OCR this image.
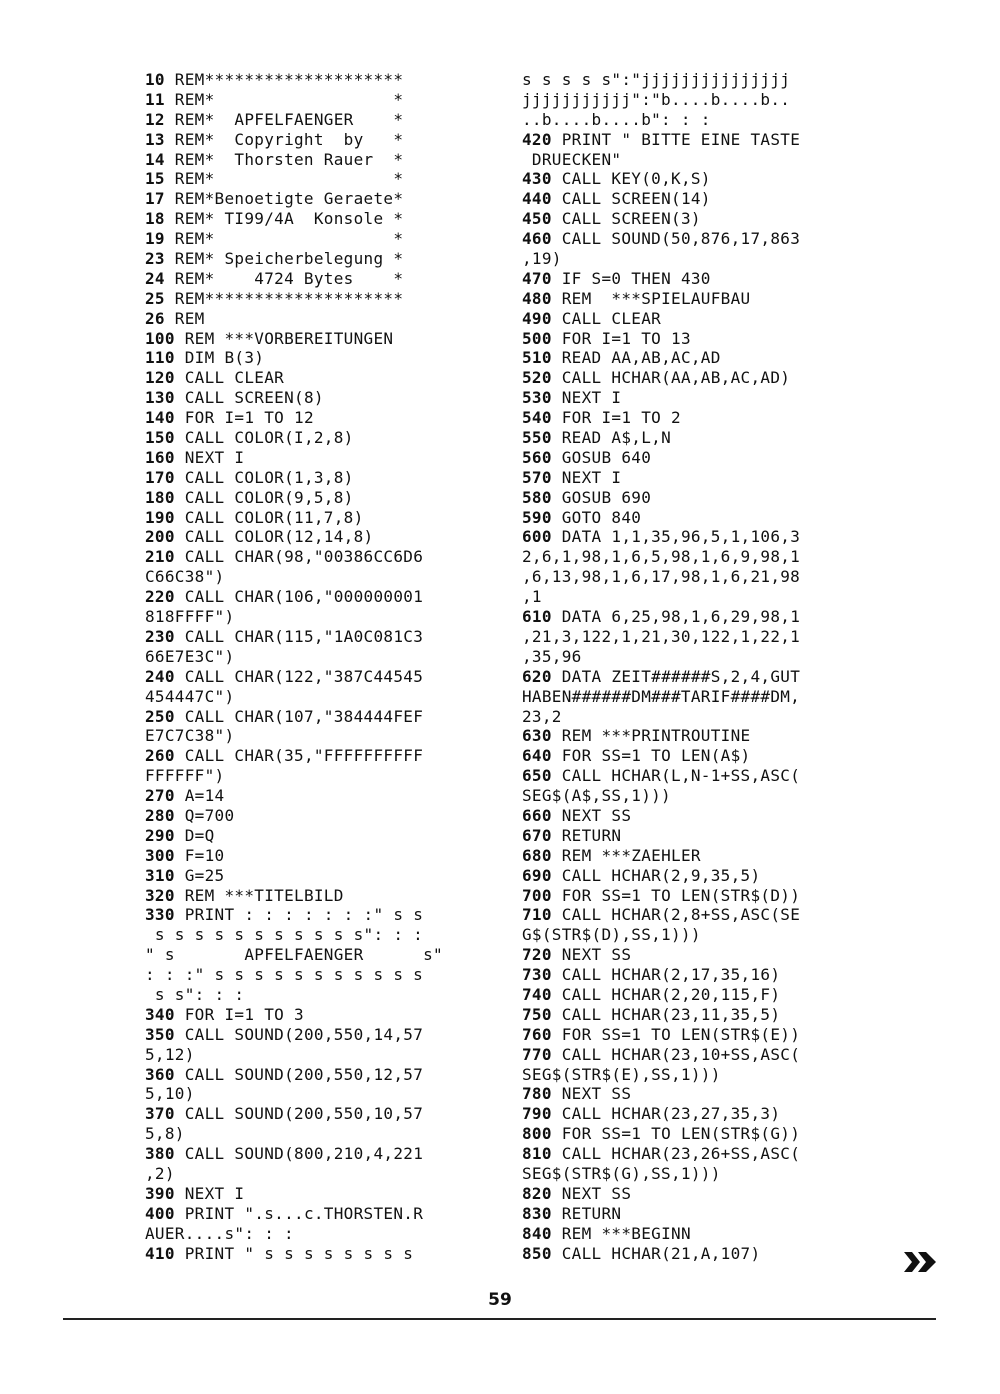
10 REM********************
11 REM*                  *
12 REM*  APFELFAENGER    *
13 REM*  Copyright  by   *
14 REM*  Thorsten Rauer  *
15 REM*                  *
17 REM*Benoetigte Geraete*
18 REM* TI99/4A  Konsole *
19 REM*                  *
23 REM* Speicherbelegung *
24 REM*    4724 Bytes    *
25 REM********************
26 REM
100 REM ***VORBEREITUNGEN
110 DIM B(3)
120 CALL CLEAR
130 CALL SCREEN(8)
140 FOR I=1 TO 12
150 CALL COLOR(I,2,8)
160 NEXT I
170 CALL COLOR(1,3,8)
180 CALL COLOR(9,5,8)
190 CALL COLOR(11,7,8)
200 CALL COLOR(12,14,8)
210 CALL CHAR(98,"00386CC6D6
C66C38")
220 CALL CHAR(106,"000000001
818FFFF")
230 CALL CHAR(115,"1A0C081C3
66E7E3C")
240 CALL CHAR(122,"387C44545
454447C")
250 CALL CHAR(107,"384444FEF
E7C7C38")
260 CALL CHAR(35,"FFFFFFFFFF
FFFFFF")
270 A=14
280 Q=700
290 D=Q
300 F=10
310 G=25
320 REM ***TITELBILD
330 PRINT : : : : : : :" s s
s s s s s s s s s s s": : :
" s       APFELFAENGER      s"
: : :" s s s s s s s s s s s
s s": : :
340 FOR I=1 TO 3
350 CALL SOUND(200,550,14,57
5,12)
360 CALL SOUND(200,550,12,57
5,10)
370 CALL SOUND(200,550,10,57
5,8)
380 CALL SOUND(800,210,4,221
,2)
390 NEXT I
400 PRINT ".s...c.THORSTEN.R
AUER....s": : :
410 PRINT " s s s s s s s s
s s s s s":"jjjjjjjjjjjjjjj
jjjjjjjjjjj":"b....b....b..
..b....b....b": : :
420 PRINT " BITTE EINE TASTE
DRUECKEN"
430 CALL KEY(0,K,S)
440 CALL SCREEN(14)
450 CALL SCREEN(3)
460 CALL SOUND(50,876,17,863
,19)
470 IF S=0 THEN 430
480 REM  ***SPIELAUFBAU
490 CALL CLEAR
500 FOR I=1 TO 13
510 READ AA,AB,AC,AD
520 CALL HCHAR(AA,AB,AC,AD)
530 NEXT I
540 FOR I=1 TO 2
550 READ A$,L,N
560 GOSUB 640
570 NEXT I
580 GOSUB 690
590 GOTO 840
600 DATA 1,1,35,96,5,1,106,3
2,6,1,98,1,6,5,98,1,6,9,98,1
,6,13,98,1,6,17,98,1,6,21,98
,1
610 DATA 6,25,98,1,6,29,98,1
,21,3,122,1,21,30,122,1,22,1
,35,96
620 DATA ZEIT######S,2,4,GUT
HABEN######DM###TARIF####DM,
23,2
630 REM ***PRINTROUTINE
640 FOR SS=1 TO LEN(A$)
650 CALL HCHAR(L,N-1+SS,ASC(
SEG$(A$,SS,1)))
660 NEXT SS
670 RETURN
680 REM ***ZAEHLER
690 CALL HCHAR(2,9,35,5)
700 FOR SS=1 TO LEN(STR$(D))
710 CALL HCHAR(2,8+SS,ASC(SE
G$(STR$(D),SS,1)))
720 NEXT SS
730 CALL HCHAR(2,17,35,16)
740 CALL HCHAR(2,20,115,F)
750 CALL HCHAR(23,11,35,5)
760 FOR SS=1 TO LEN(STR$(E))
770 CALL HCHAR(23,10+SS,ASC(
SEG$(STR$(E),SS,1)))
780 NEXT SS
790 CALL HCHAR(23,27,35,3)
800 FOR SS=1 TO LEN(STR$(G))
810 CALL HCHAR(23,26+SS,ASC(
SEG$(STR$(G),SS,1)))
820 NEXT SS
830 RETURN
840 REM ***BEGINN
850 CALL HCHAR(21,A,107)
59
